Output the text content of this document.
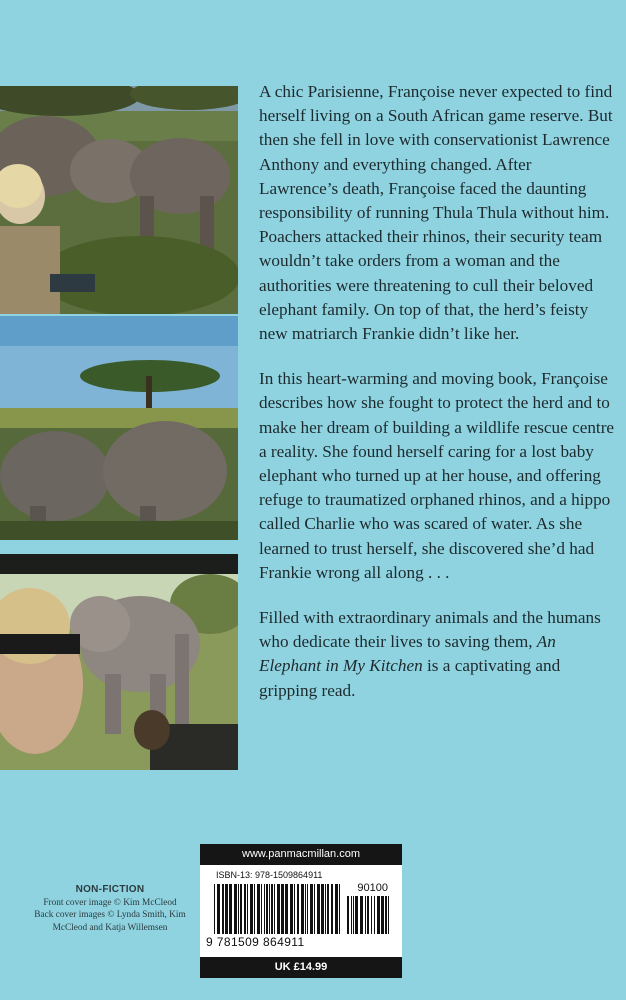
A chic Parisienne, Françoise never expected to find herself living on a South African game reserve. But then she fell in love with conservationist Lawrence Anthony and everything changed. After Lawrence’s death, Françoise faced the daunting responsibility of running Thula Thula without him. Poachers attacked their rhinos, their security team wouldn’t take orders from a woman and the authorities were threatening to cull their beloved elephant family. On top of that, the herd’s feisty new matriarch Frankie didn’t like her.

In this heart-warming and moving book, Françoise describes how she fought to protect the herd and to make her dream of building a wildlife rescue centre a reality. She found herself caring for a lost baby elephant who turned up at her house, and offering refuge to traumatized orphaned rhinos, and a hippo called Charlie who was scared of water. As she learned to trust herself, she discovered she’d had Frankie wrong all along . . .

Filled with extraordinary animals and the humans who dedicate their lives to saving them, An Elephant in My Kitchen is a captivating and gripping read.

NON-FICTION
Front cover image © Kim McCleod
Back cover images © Lynda Smith, Kim McCleod and Katja Willemsen
www.panmacmillan.com
ISBN-13: 978-1509864911
90100
9 781509 864911
UK £14.99
